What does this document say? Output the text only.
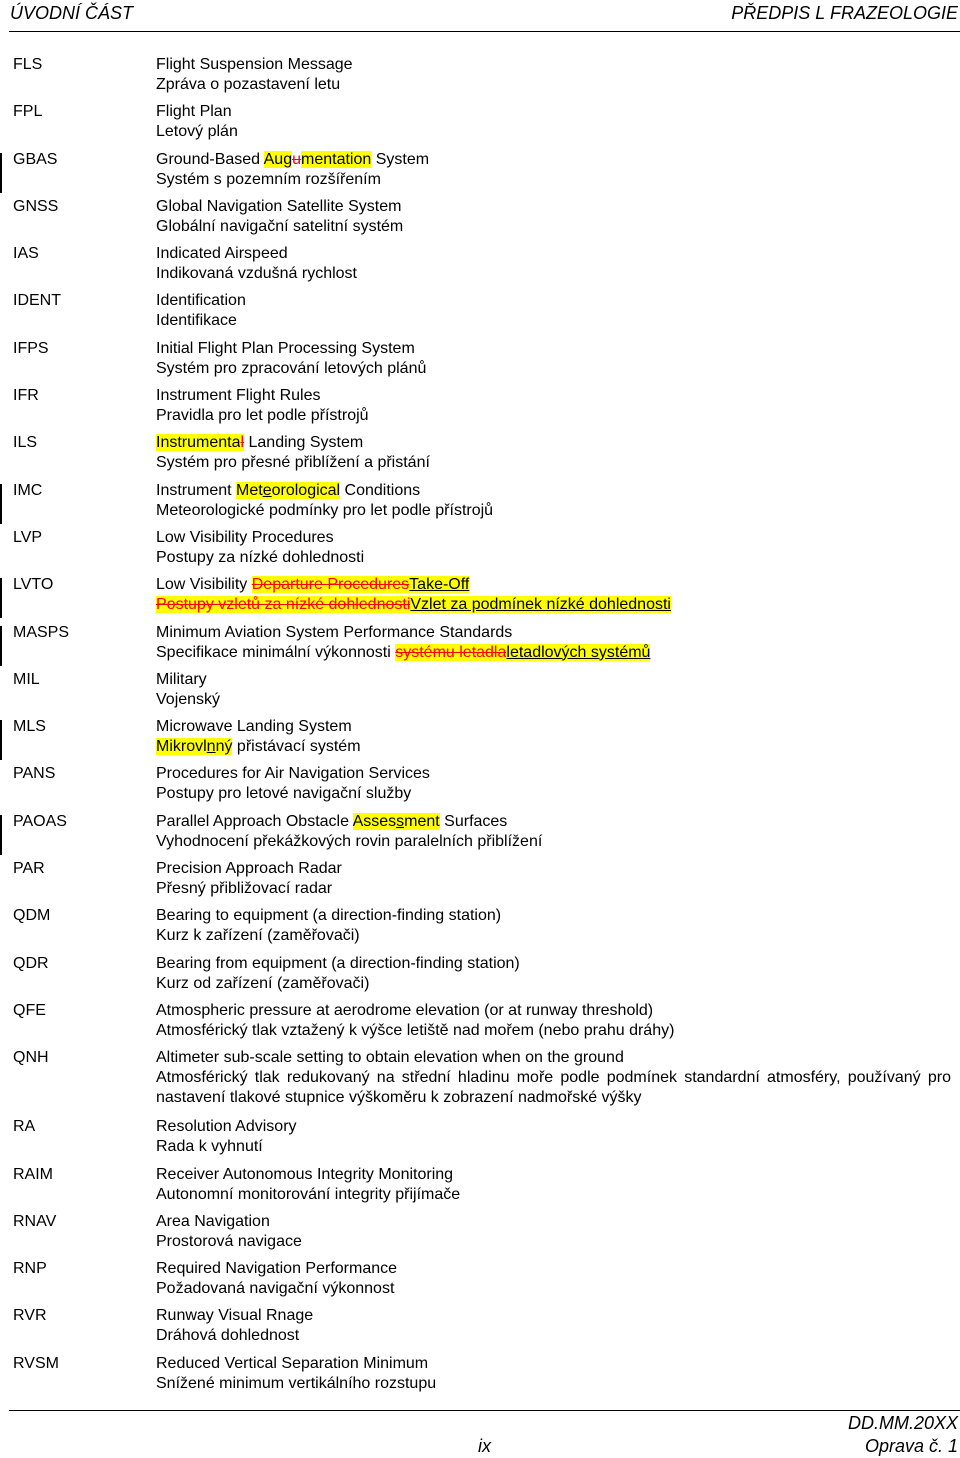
ÚVODNÍ ČÁST	PŘEDPIS L FRAZEOLOGIE
FLS	Flight Suspension Message
Zpráva o pozastavení letu
FPL	Flight Plan
Letový plán
GBAS	Ground-Based Augumentation System
Systém s pozemním rozšířením
GNSS	Global Navigation Satellite System
Globální navigační satelitní systém
IAS	Indicated Airspeed
Indikovaná vzdušná rychlost
IDENT	Identification
Identifikace
IFPS	Initial Flight Plan Processing System
Systém pro zpracování letových plánů
IFR	Instrument Flight Rules
Pravidla pro let podle přístrojů
ILS	Instrumental Landing System
Systém pro přesné přiblížení a přistání
IMC	Instrument Meteorological Conditions
Meteorologické podmínky pro let podle přístrojů
LVP	Low Visibility Procedures
Postupy za nízké dohlednosti
LVTO	Low Visibility Departure ProceduresTake-Off
Postupy vzletů za nízké dohlednostiVzlet za podmínek nízké dohlednosti
MASPS	Minimum Aviation System Performance Standards
Specifikace minimální výkonnosti systému letadlaletadlových systémů
MIL	Military
Vojenský
MLS	Microwave Landing System
Mikrovlnný přistávací systém
PANS	Procedures for Air Navigation Services
Postupy pro letové navigační služby
PAOAS	Parallel Approach Obstacle Assessment Surfaces
Vyhodnocení překážkových rovin paralelních přiblížení
PAR	Precision Approach Radar
Přesný přibližovací radar
QDM	Bearing to equipment (a direction-finding station)
Kurz k zařízení (zaměřovači)
QDR	Bearing from equipment (a direction-finding station)
Kurz od zařízení (zaměřovači)
QFE	Atmospheric pressure at aerodrome elevation (or at runway threshold)
Atmosférický tlak vztažený k výšce letiště nad mořem (nebo prahu dráhy)
QNH	Altimeter sub-scale setting to obtain elevation when on the ground
Atmosférický tlak redukovaný na střední hladinu moře podle podmínek standardní atmosféry, používaný pro nastavení tlakové stupnice výškoměru k zobrazení nadmořské výšky
RA	Resolution Advisory
Rada k vyhnutí
RAIM	Receiver Autonomous Integrity Monitoring
Autonomní monitorování integrity přijímače
RNAV	Area Navigation
Prostorová navigace
RNP	Required Navigation Performance
Požadovaná navigační výkonnost
RVR	Runway Visual Rnage
Dráhová dohlednost
RVSM	Reduced Vertical Separation Minimum
Snížené minimum vertikálního rozstupu
DD.MM.20XX
ix	Oprava č. 1
